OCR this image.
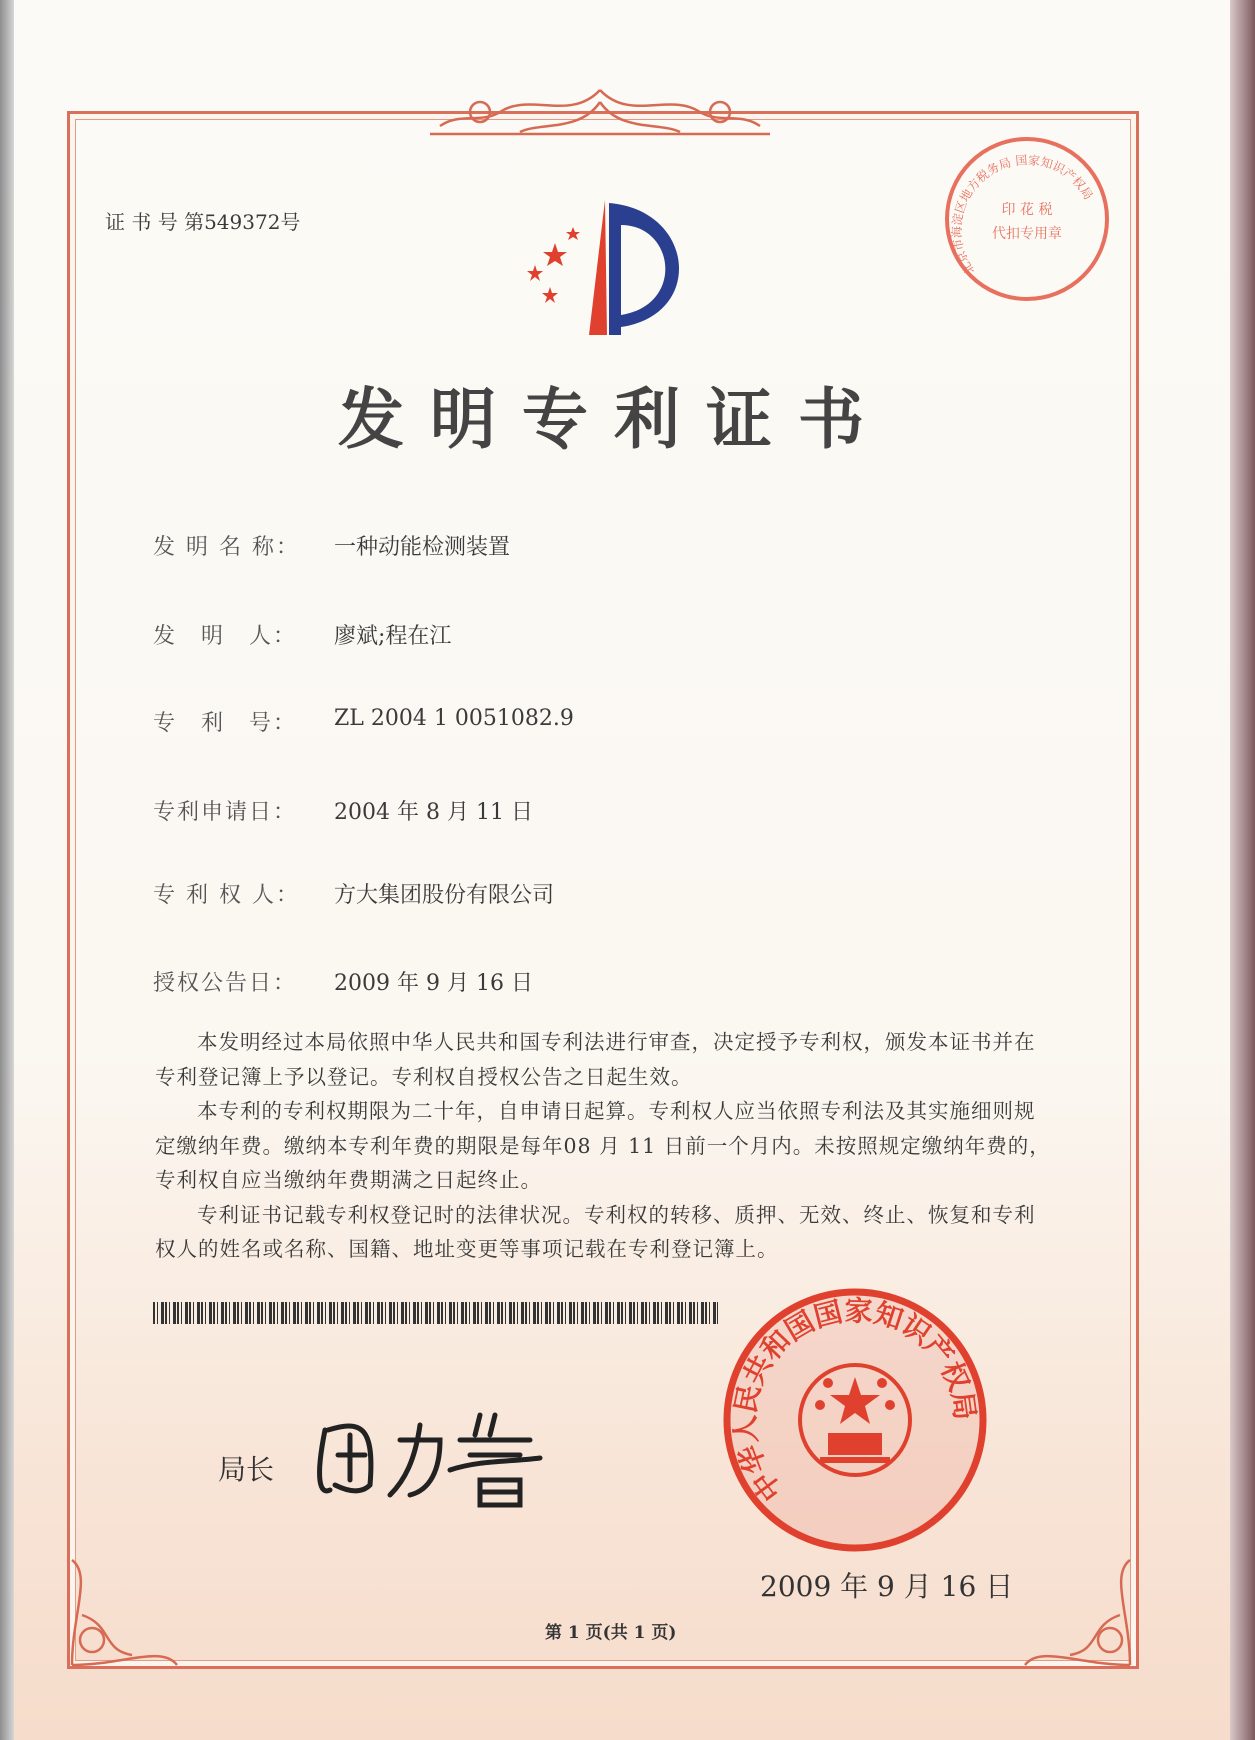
证 书 号 第549372号
北京市海淀区地方税务局 国家知识产权局
印 花 税
代扣专用章
发明专利证书
发 明 名 称：	一种动能检测装置
发　明　人：	廖斌;程在江
专　利　号：	ZL 2004 1 0051082.9
专利申请日：	2004 年 8 月 11 日
专 利 权 人：	方大集团股份有限公司
授权公告日：	2009 年 9 月 16 日

本发明经过本局依照中华人民共和国专利法进行审查，决定授予专利权，颁发本证书并在专利登记簿上予以登记。专利权自授权公告之日起生效。

本专利的专利权期限为二十年，自申请日起算。专利权人应当依照专利法及其实施细则规定缴纳年费。缴纳本专利年费的期限是每年08 月 11 日前一个月内。未按照规定缴纳年费的，专利权自应当缴纳年费期满之日起终止。

专利证书记载专利权登记时的法律状况。专利权的转移、质押、无效、终止、恢复和专利权人的姓名或名称、国籍、地址变更等事项记载在专利登记簿上。

局长	中华人民共和国国家知识产权局
2009 年 9 月 16 日
第 1 页(共 1 页)
